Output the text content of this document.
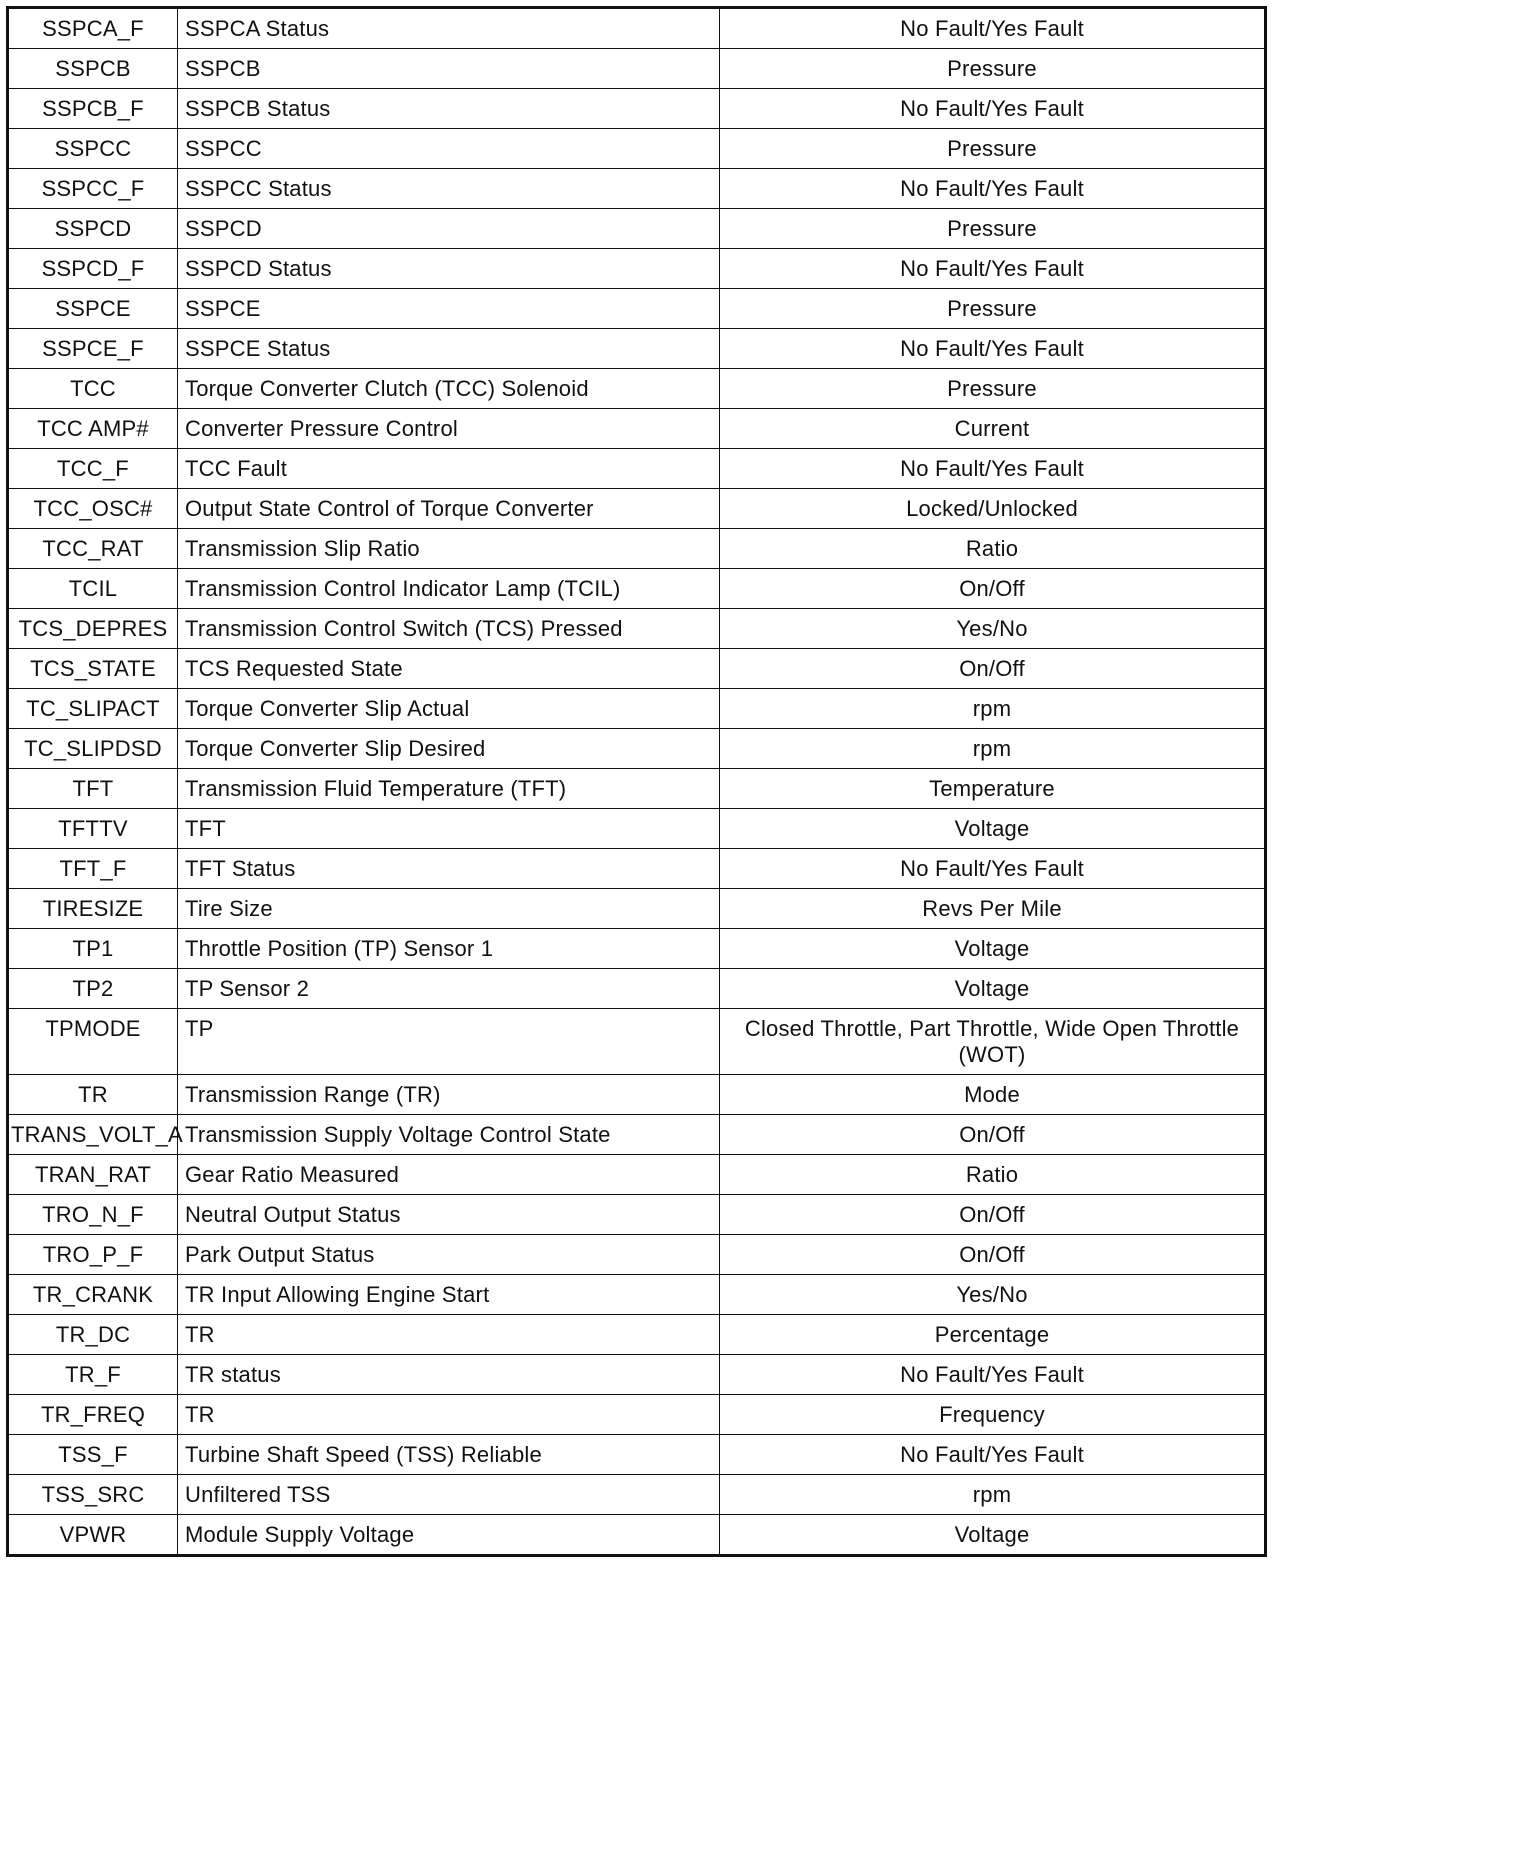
SSPCA_F	SSPCA Status	No Fault/Yes Fault
SSPCB	SSPCB	Pressure
SSPCB_F	SSPCB Status	No Fault/Yes Fault
SSPCC	SSPCC	Pressure
SSPCC_F	SSPCC Status	No Fault/Yes Fault
SSPCD	SSPCD	Pressure
SSPCD_F	SSPCD Status	No Fault/Yes Fault
SSPCE	SSPCE	Pressure
SSPCE_F	SSPCE Status	No Fault/Yes Fault
TCC	Torque Converter Clutch (TCC) Solenoid	Pressure
TCC AMP#	Converter Pressure Control	Current
TCC_F	TCC Fault	No Fault/Yes Fault
TCC_OSC#	Output State Control of Torque Converter	Locked/Unlocked
TCC_RAT	Transmission Slip Ratio	Ratio
TCIL	Transmission Control Indicator Lamp (TCIL)	On/Off
TCS_DEPRES	Transmission Control Switch (TCS) Pressed	Yes/No
TCS_STATE	TCS Requested State	On/Off
TC_SLIPACT	Torque Converter Slip Actual	rpm
TC_SLIPDSD	Torque Converter Slip Desired	rpm
TFT	Transmission Fluid Temperature (TFT)	Temperature
TFTTV	TFT	Voltage
TFT_F	TFT Status	No Fault/Yes Fault
TIRESIZE	Tire Size	Revs Per Mile
TP1	Throttle Position (TP) Sensor 1	Voltage
TP2	TP Sensor 2	Voltage
TPMODE	TP	Closed Throttle, Part Throttle, Wide Open Throttle (WOT)
TR	Transmission Range (TR)	Mode
TRANS_VOLT_A	Transmission Supply Voltage Control State	On/Off
TRAN_RAT	Gear Ratio Measured	Ratio
TRO_N_F	Neutral Output Status	On/Off
TRO_P_F	Park Output Status	On/Off
TR_CRANK	TR Input Allowing Engine Start	Yes/No
TR_DC	TR	Percentage
TR_F	TR status	No Fault/Yes Fault
TR_FREQ	TR	Frequency
TSS_F	Turbine Shaft Speed (TSS) Reliable	No Fault/Yes Fault
TSS_SRC	Unfiltered TSS	rpm
VPWR	Module Supply Voltage	Voltage
